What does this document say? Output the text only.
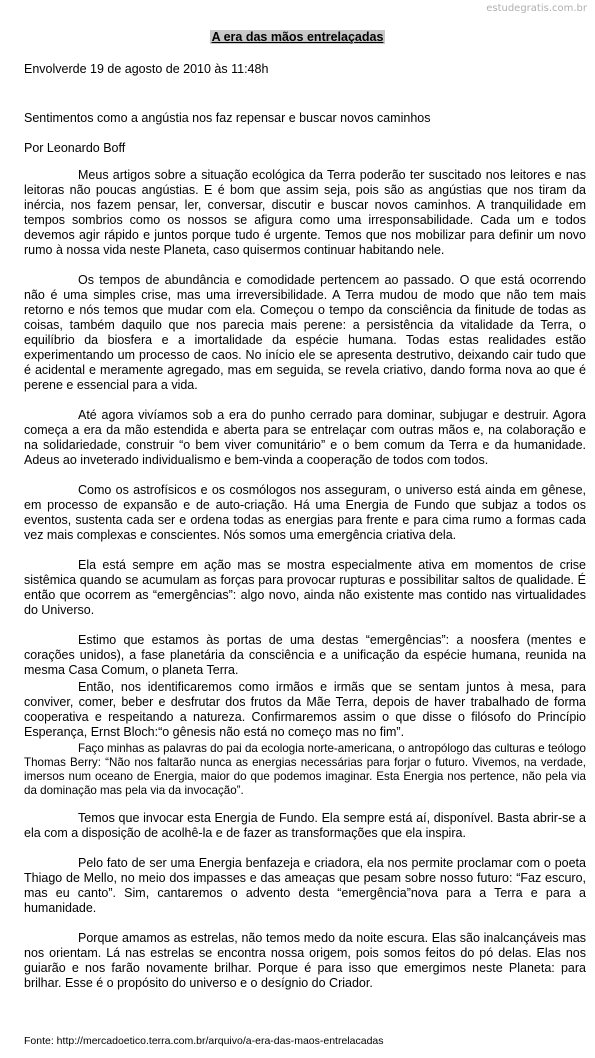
estudegratis.com.br
A era das mãos entrelaçadas
Envolverde 19 de agosto de 2010 às 11:48h
Sentimentos como a angústia nos faz repensar e buscar novos caminhos
Por Leonardo Boff

Meus artigos sobre a situação ecológica da Terra poderão ter suscitado nos leitores e nas leitoras não poucas angústias. E é bom que assim seja, pois são as angústias que nos tiram da inércia, nos fazem pensar, ler, conversar, discutir e buscar novos caminhos. A tranquilidade em tempos sombrios como os nossos se afigura como uma irresponsabilidade. Cada um e todos devemos agir rápido e juntos porque tudo é urgente. Temos que nos mobilizar para definir um novo rumo à nossa vida neste Planeta, caso quisermos continuar habitando nele.

Os tempos de abundância e comodidade pertencem ao passado. O que está ocorrendo não é uma simples crise, mas uma irreversibilidade. A Terra mudou de modo que não tem mais retorno e nós temos que mudar com ela. Começou o tempo da consciência da finitude de todas as coisas, também daquilo que nos parecia mais perene: a persistência da vitalidade da Terra, o equilíbrio da biosfera e a imortalidade da espécie humana. Todas estas realidades estão experimentando um processo de caos. No início ele se apresenta destrutivo, deixando cair tudo que é acidental e meramente agregado, mas em seguida, se revela criativo, dando forma nova ao que é perene e essencial para a vida.

Até agora vivíamos sob a era do punho cerrado para dominar, subjugar e destruir. Agora começa a era da mão estendida e aberta para se entrelaçar com outras mãos e, na colaboração e na solidariedade, construir “o bem viver comunitário” e o bem comum da Terra e da humanidade. Adeus ao inveterado individualismo e bem-vinda a cooperação de todos com todos.

Como os astrofísicos e os cosmólogos nos asseguram, o universo está ainda em gênese, em processo de expansão e de auto-criação. Há uma Energia de Fundo que subjaz a todos os eventos, sustenta cada ser e ordena todas as energias para frente e para cima rumo a formas cada vez mais complexas e conscientes. Nós somos uma emergência criativa dela.

Ela está sempre em ação mas se mostra especialmente ativa em momentos de crise sistêmica quando se acumulam as forças para provocar rupturas e possibilitar saltos de qualidade. É então que ocorrem as “emergências”: algo novo, ainda não existente mas contido nas virtualidades do Universo.

Estimo que estamos às portas de uma destas “emergências”: a noosfera (mentes e corações unidos), a fase planetária da consciência e a unificação da espécie humana, reunida na mesma Casa Comum, o planeta Terra.

Então, nos identificaremos como irmãos e irmãs que se sentam juntos à mesa, para conviver, comer, beber e desfrutar dos frutos da Mãe Terra, depois de haver trabalhado de forma cooperativa e respeitando a natureza. Confirmaremos assim o que disse o filósofo do Princípio Esperança, Ernst Bloch:“o gênesis não está no começo mas no fim”.

Faço minhas as palavras do pai da ecologia norte-americana, o antropólogo das culturas e teólogo Thomas Berry: “Não nos faltarão nunca as energias necessárias para forjar o futuro. Vivemos, na verdade, imersos num oceano de Energia, maior do que podemos imaginar. Esta Energia nos pertence, não pela via da dominação mas pela via da invocação”.

Temos que invocar esta Energia de Fundo. Ela sempre está aí, disponível. Basta abrir-se a ela com a disposição de acolhê-la e de fazer as transformações que ela inspira.

Pelo fato de ser uma Energia benfazeja e criadora, ela nos permite proclamar com o poeta Thiago de Mello, no meio dos impasses e das ameaças que pesam sobre nosso futuro: “Faz escuro, mas eu canto”. Sim, cantaremos o advento desta “emergência”nova para a Terra e para a humanidade.

Porque amamos as estrelas, não temos medo da noite escura. Elas são inalcançáveis mas nos orientam. Lá nas estrelas se encontra nossa origem, pois somos feitos do pó delas. Elas nos guiarão e nos farão novamente brilhar. Porque é para isso que emergimos neste Planeta: para brilhar. Esse é o propósito do universo e o desígnio do Criador.

Fonte: http://mercadoetico.terra.com.br/arquivo/a-era-das-maos-entrelacadas
